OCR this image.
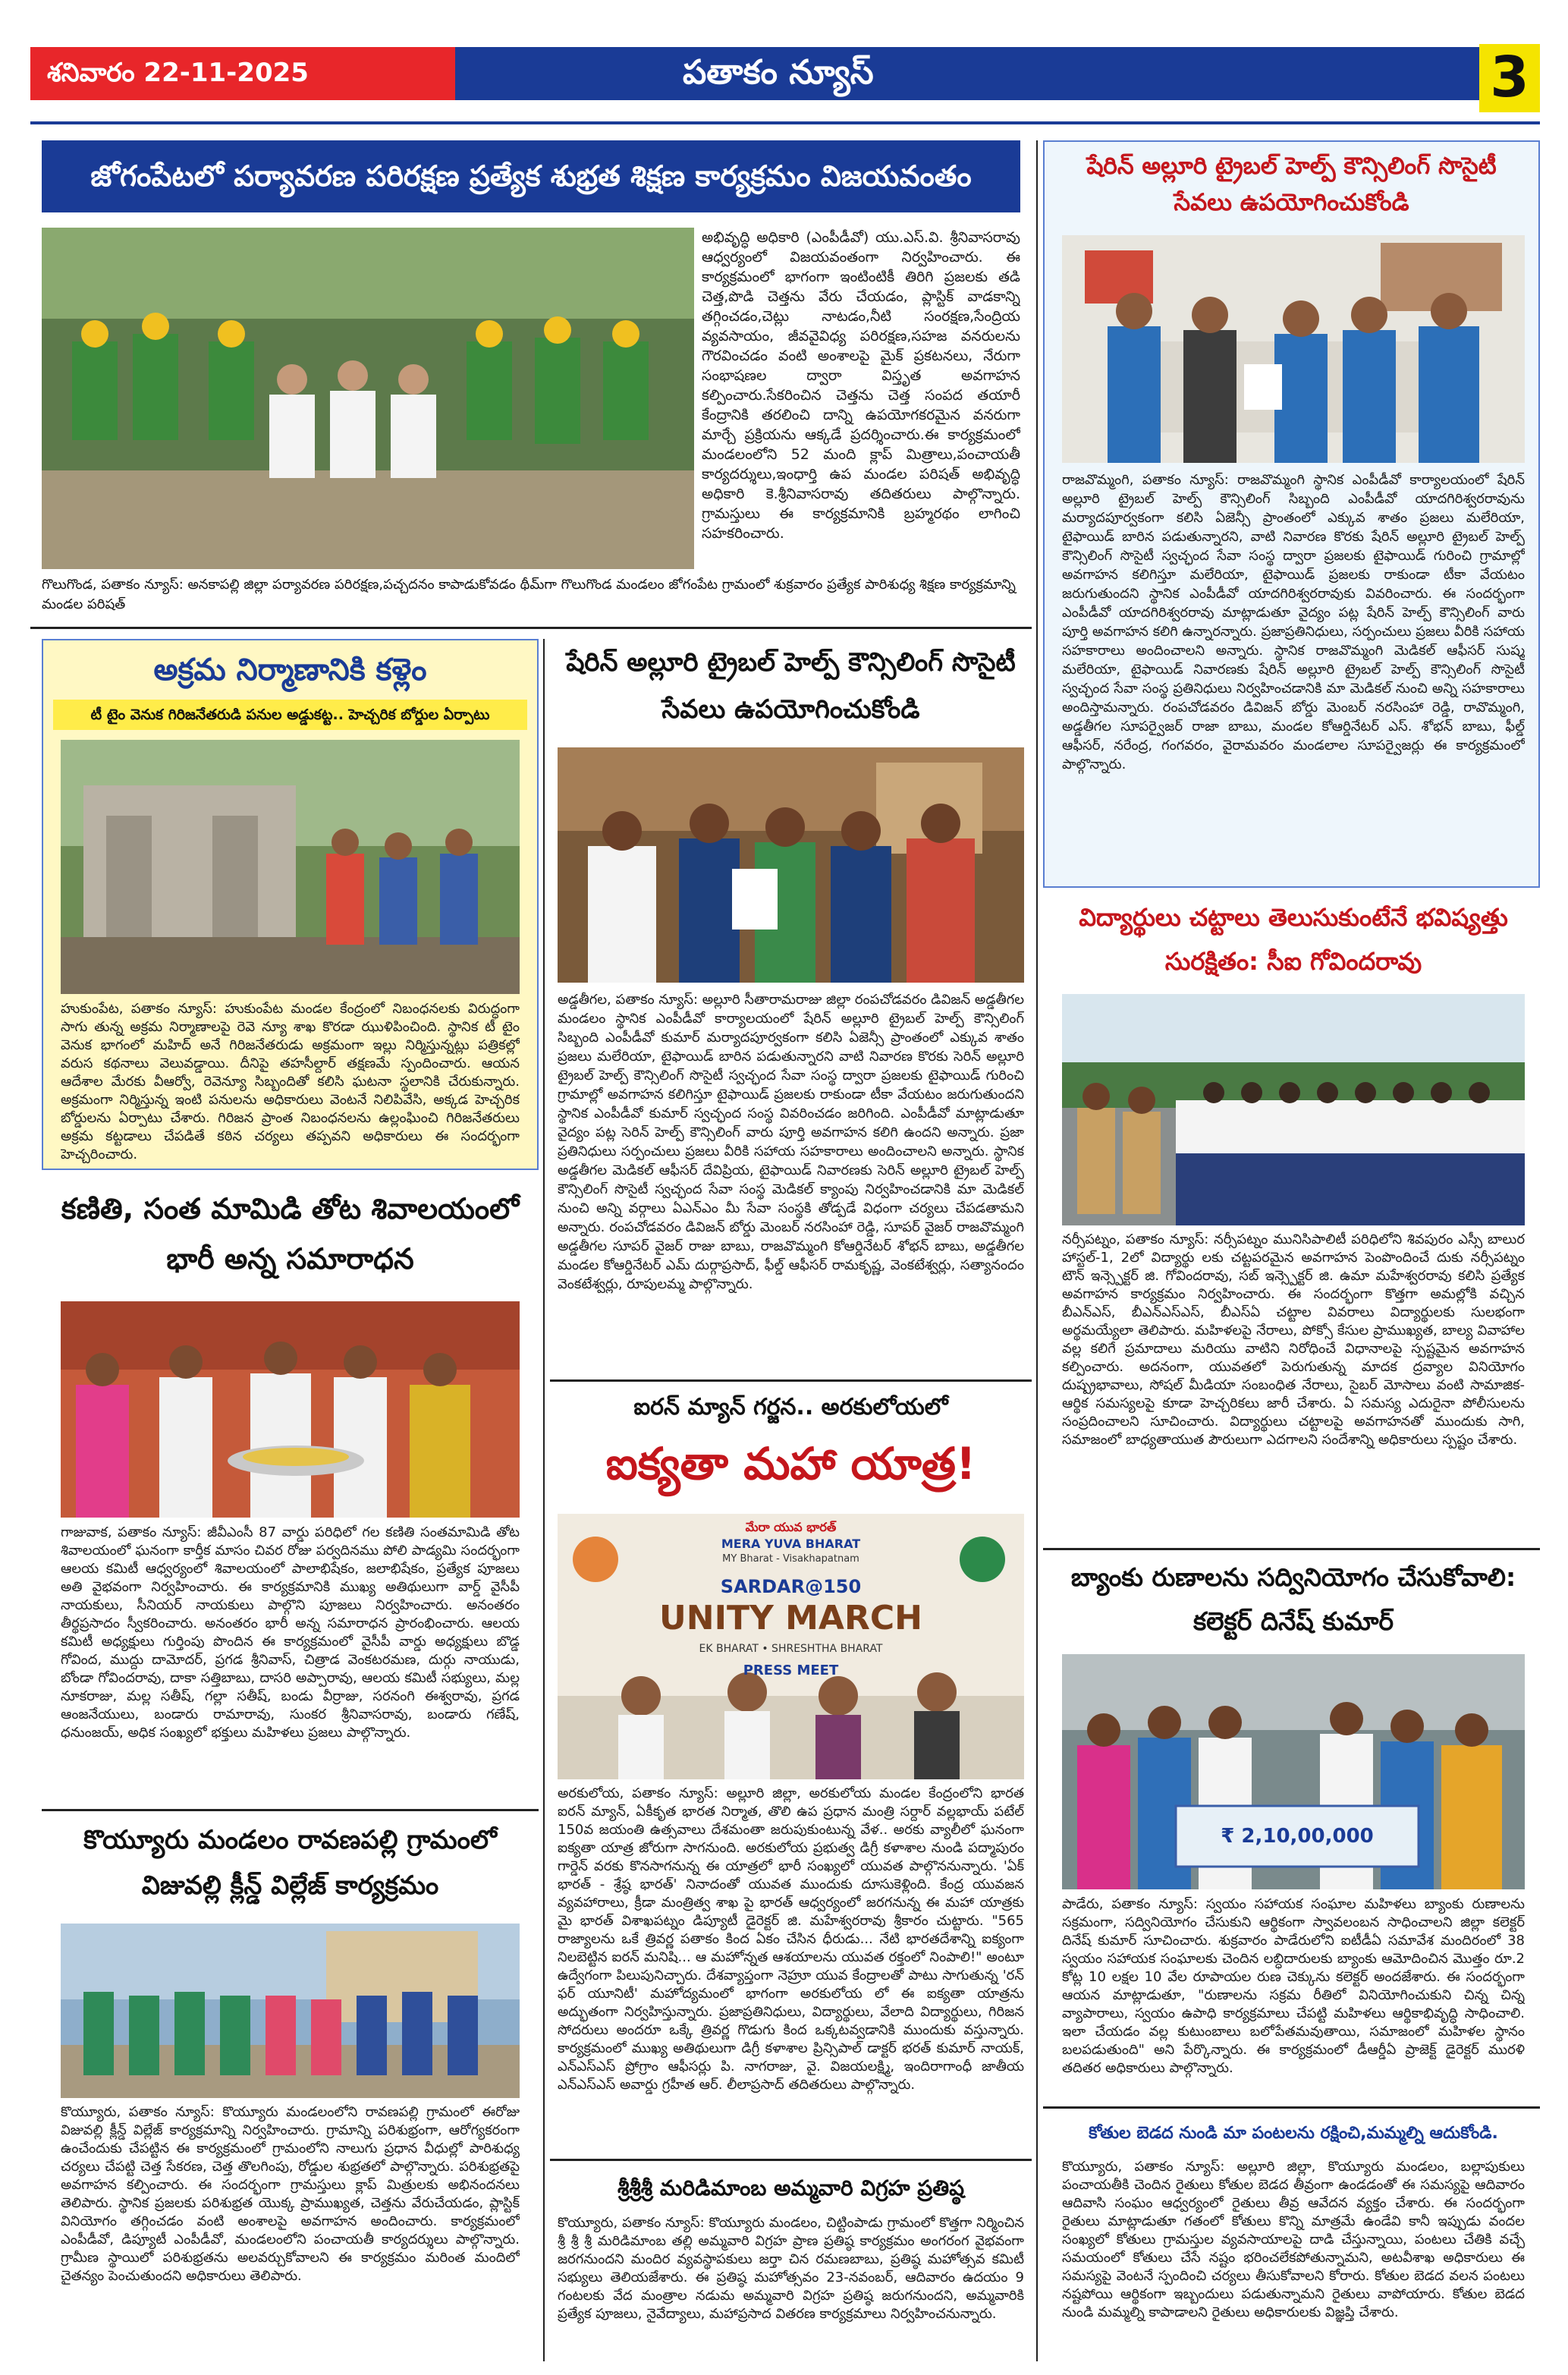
శనివారం 22-11-2025	పతాకం న్యూస్	3
జోగంపేటలో పర్యావరణ పరిరక్షణ ప్రత్యేక శుభ్రత శిక్షణ కార్యక్రమం విజయవంతం
అభివృద్ధి అధికారి (ఎంపీడీవో) యు.ఎస్.వి. శ్రీనివాసరావు ఆధ్వర్యంలో విజయవంతంగా నిర్వహించారు. ఈ కార్యక్రమంలో భాగంగా ఇంటింటికీ తిరిగి ప్రజలకు తడి చెత్త,పొడి చెత్తను వేరు చేయడం, ప్లాస్టిక్ వాడకాన్ని తగ్గించడం,చెట్లు నాటడం,నీటి సంరక్షణ,సేంద్రియ వ్యవసాయం, జీవవైవిధ్య పరిరక్షణ,సహజ వనరులను గౌరవించడం వంటి అంశాలపై మైక్ ప్రకటనలు, నేరుగా సంభాషణల ద్వారా విస్తృత అవగాహన కల్పించారు.సేకరించిన చెత్తను చెత్త సంపద తయారీ కేంద్రానికి తరలించి దాన్ని ఉపయోగకరమైన వనరుగా మార్చే ప్రక్రియను ఆక్కడే ప్రదర్శించారు.ఈ కార్యక్రమంలో మండలంలోని 52 మంది క్లాప్ మిత్రాలు,పంచాయతీ కార్యదర్శులు,ఇంధార్తి ఉప మండల పరిషత్ అభివృద్ధి అధికారి కె.శ్రీనివాసరావు తదితరులు పాల్గొన్నారు. గ్రామస్తులు ఈ కార్యక్రమానికి బ్రహ్మరథం లాగించి సహకరించారు.
గొలుగొండ, పతాకం న్యూస్: అనకాపల్లి జిల్లా పర్యావరణ పరిరక్షణ,పచ్చదనం కాపాడుకోవడం థీమ్‌గా గొలుగొండ మండలం జోగంపేట గ్రామంలో శుక్రవారం ప్రత్యేక పారిశుధ్య శిక్షణ కార్యక్రమాన్ని మండల పరిషత్
షేరిన్ అల్లూరి ట్రైబల్ హెల్ప్ కౌన్సిలింగ్ సొసైటీ సేవలు ఉపయోగించుకోండి
రాజవొమ్మంగి, పతాకం న్యూస్: రాజవొమ్మంగి స్థానిక ఎంపీడీవో కార్యాలయంలో షేరిన్ అల్లూరి ట్రైబల్ హెల్ప్ కౌన్సిలింగ్ సిబ్బంది ఎంపీడీవో యాదగిరిశ్వరరావును మర్యాదపూర్వకంగా కలిసి ఏజెన్సీ ప్రాంతంలో ఎక్కువ శాతం ప్రజలు మలేరియా, టైఫాయిడ్ బారిన పడుతున్నారని, వాటి నివారణ కొరకు షేరిన్ అల్లూరి ట్రైబల్ హెల్ప్ కౌన్సిలింగ్ సొసైటీ స్వచ్ఛంద సేవా సంస్థ ద్వారా ప్రజలకు టైఫాయిడ్ గురించి గ్రామాల్లో అవగాహన కలిగిస్తూ మలేరియా, టైఫాయిడ్ ప్రజలకు రాకుండా టీకా వేయటం జరుగుతుందని స్థానిక ఎంపీడీవో యాదగిరిశ్వరరావుకు వివరించారు. ఈ సందర్భంగా ఎంపీడీవో యాదగిరిశ్వరరావు మాట్లాడుతూ వైద్యం పట్ల షేరిన్ హెల్ప్ కౌన్సిలింగ్ వారు పూర్తి అవగాహన కలిగి ఉన్నారన్నారు. ప్రజాప్రతినిధులు, సర్పంచులు ప్రజలు వీరికి సహాయ సహకారాలు అందించాలని అన్నారు. స్థానిక రాజవొమ్మంగి మెడికల్ ఆఫీసర్ సుష్మ మలేరియా, టైఫాయిడ్ నివారణకు షేరిన్ అల్లూరి ట్రైబల్ హెల్ప్ కౌన్సిలింగ్ సొసైటీ స్వచ్ఛంద సేవా సంస్థ ప్రతినిధులు నిర్వహించడానికి మా మెడికల్ నుంచి అన్ని సహకారాలు అందిస్తామన్నారు. రంపచోడవరం డివిజన్ బోర్డు మెంబర్ నరసింహా రెడ్డి, రావొమ్మంగి, అడ్డతీగల సూపర్వైజర్ రాజా బాబు, మండల కోఆర్డినేటర్ ఎస్. శోభన్ బాబు, ఫీల్డ్ ఆఫీసర్, నరేంద్ర, గంగవరం, వైరామవరం మండలాల సూపర్వైజర్లు ఈ కార్యక్రమంలో పాల్గొన్నారు.
అక్రమ నిర్మాణానికి కళ్లెం
టీ టైం వెనుక గిరిజనేతరుడి పనుల అడ్డుకట్ట.. హెచ్చరిక బోర్డుల ఏర్పాటు
హుకుంపేట, పతాకం న్యూస్: హుకుంపేట మండల కేంద్రంలో నిబంధనలకు విరుద్ధంగా సాగు తున్న అక్రమ నిర్మాణాలపై రెవె న్యూ శాఖ కొరడా ఝుళిపించింది. స్థానిక టీ టైం వెనుక భాగంలో మహిద్ అనే గిరిజనేతరుడు అక్రమంగా ఇల్లు నిర్మిస్తున్నట్లు పత్రికల్లో వరుస కథనాలు వెలువడ్డాయి. దీనిపై తహసీల్దార్ తక్షణమే స్పందించారు. ఆయన ఆదేశాల మేరకు వీఆర్వో, రెవెన్యూ సిబ్బందితో కలిసి ఘటనా స్థలానికి చేరుకున్నారు. అక్రమంగా నిర్మిస్తున్న ఇంటి పనులను అధికారులు వెంటనే నిలిపివేసి, అక్కడ హెచ్చరిక బోర్డులను ఏర్పాటు చేశారు. గిరిజన ప్రాంత నిబంధనలను ఉల్లంఘించి గిరిజనేతరులు అక్రమ కట్టడాలు చేపడితే కఠిన చర్యలు తప్పవని అధికారులు ఈ సందర్భంగా హెచ్చరించారు.
కణితి, సంత మామిడి తోట శివాలయంలో భారీ అన్న సమారాధన
గాజువాక, పతాకం న్యూస్: జీవీఎంసీ 87 వార్డు పరిధిలో గల కణితి సంతమామిడి తోట శివాలయంలో ఘనంగా కార్తీక మాసం చివర రోజు పర్వదినము పోలి పాడ్యమి సందర్భంగా ఆలయ కమిటీ ఆధ్వర్యంలో శివాలయంలో పాలాభిషేకం, జలాభిషేకం, ప్రత్యేక పూజలు అతి వైభవంగా నిర్వహించారు. ఈ కార్యక్రమానికి ముఖ్య అతిథులుగా వార్డ్ వైసీపీ నాయకులు, సీనియర్ నాయకులు పాల్గొని పూజలు నిర్వహించారు. అనంతరం తీర్థప్రసాదం స్వీకరించారు. అనంతరం భారీ అన్న సమారాధన ప్రారంభించారు. ఆలయ కమిటీ అధ్యక్షులు గుర్తింపు పొందిన ఈ కార్యక్రమంలో వైసీపీ వార్డు అధ్యక్షులు బొడ్డ గోవింద, ముద్దు దామోదర్, ప్రగడ శ్రీనివాస్, చిత్రాడ వెంకటరమణ, దుర్గు నాయుడు, బోండా గోవిందరావు, దాకా సత్తిబాబు, దాసరి అప్పారావు, ఆలయ కమిటీ సభ్యులు, మల్ల నూకరాజు, మల్ల సతీష్, గల్లా సతీష్, బండు వీర్రాజు, సరనంగి ఈశ్వరావు, ప్రగడ ఆంజనేయులు, బండారు రామారావు, సుంకర శ్రీనివాసరావు, బండారు గణేష్, ధనుంజయ్, అధిక సంఖ్యలో భక్తులు మహిళలు ప్రజలు పాల్గొన్నారు.
కొయ్యూరు మండలం రావణపల్లి గ్రామంలో విజువల్లి క్లీన్డ్ విల్లేజ్ కార్యక్రమం
కొయ్యూరు, పతాకం న్యూస్: కొయ్యూరు మండలంలోని రావణపల్లి గ్రామంలో ఈరోజు విజువల్లి క్లీన్డ్ విల్లేజ్ కార్యక్రమాన్ని నిర్వహించారు. గ్రామాన్ని పరిశుభ్రంగా, ఆరోగ్యకరంగా ఉంచేందుకు చేపట్టిన ఈ కార్యక్రమంలో గ్రామంలోని నాలుగు ప్రధాన వీధుల్లో పారిశుధ్య చర్యలు చేపట్టి చెత్త సేకరణ, చెత్త తొలగింపు, రోడ్డుల శుభ్రతలో పాల్గొన్నారు. పరిశుభ్రతపై అవగాహన కల్పించారు. ఈ సందర్భంగా గ్రామస్తులు క్లాప్ మిత్రులకు అభినందనలు తెలిపారు. స్థానిక ప్రజలకు పరిశుభ్రత యొక్క ప్రాముఖ్యత, చెత్తను వేరుచేయడం, ప్లాస్టిక్ వినియోగం తగ్గించడం వంటి అంశాలపై అవగాహన అందించారు. కార్యక్రమంలో ఎంపీడీవో, డిప్యూటీ ఎంపీడీవో, మండలంలోని పంచాయతీ కార్యదర్శులు పాల్గొన్నారు. గ్రామీణ స్థాయిలో పరిశుభ్రతను అలవర్చుకోవాలని ఈ కార్యక్రమం మరింత మందిలో చైతన్యం పెంచుతుందని అధికారులు తెలిపారు.
షేరిన్ అల్లూరి ట్రైబల్ హెల్ప్ కౌన్సిలింగ్ సొసైటీ సేవలు ఉపయోగించుకోండి
అడ్డతీగల, పతాకం న్యూస్: అల్లూరి సీతారామరాజు జిల్లా రంపచోడవరం డివిజన్ అడ్డతీగల మండలం స్థానిక ఎంపీడీవో కార్యాలయంలో షేరిన్ అల్లూరి ట్రైబల్ హెల్ప్ కౌన్సిలింగ్ సిబ్బంది ఎంపీడీవో కుమార్ మర్యాదపూర్వకంగా కలిసి ఏజెన్సీ ప్రాంతంలో ఎక్కువ శాతం ప్రజలు మలేరియా, టైఫాయిడ్ బారిన పడుతున్నారని వాటి నివారణ కొరకు సెరిన్ అల్లూరి ట్రైబల్ హెల్ప్ కౌన్సిలింగ్ సొసైటీ స్వచ్ఛంద సేవా సంస్థ ద్వారా ప్రజలకు టైఫాయిడ్ గురించి గ్రామాల్లో అవగాహన కలిగిస్తూ టైఫాయిడ్ ప్రజలకు రాకుండా టీకా వేయటం జరుగుతుందని స్థానిక ఎంపీడీవో కుమార్ స్వచ్ఛంద సంస్థ వివరించడం జరిగింది. ఎంపీడీవో మాట్లాడుతూ వైద్యం పట్ల సెరిన్ హెల్ప్ కౌన్సిలింగ్ వారు పూర్తి అవగాహన కలిగి ఉందని అన్నారు. ప్రజా ప్రతినిధులు సర్పంచులు ప్రజలు వీరికి సహాయ సహకారాలు అందించాలని అన్నారు. స్థానిక అడ్డతీగల మెడికల్ ఆఫీసర్ దేవిప్రియ, టైఫాయిడ్ నివారణకు సెరిన్ అల్లూరి ట్రైబల్ హెల్ప్ కౌన్సిలింగ్ సొసైటీ స్వచ్ఛంద సేవా సంస్థ మెడికల్ క్యాంపు నిర్వహించడానికి మా మెడికల్ నుంచి అన్ని వర్గాలు ఏఎన్ఎం మీ సేవా సంస్థకి తోడ్పడే విధంగా చర్యలు చేపడతామని అన్నారు. రంపచోడవరం డివిజన్ బోర్డు మెంబర్ నరసింహా రెడ్డి, సూపర్ వైజర్ రాజవొమ్మంగి అడ్డతీగల సూపర్ వైజర్ రాజు బాబు, రాజవొమ్మంగి కోఆర్డినేటర్ శోభన్ బాబు, అడ్డతీగల మండల కోఆర్డినేటర్ ఎమ్ దుర్గాప్రసాద్, ఫీల్డ్ ఆఫీసర్ రామకృష్ణ, వెంకటేశ్వర్లు, సత్యానందం వెంకటేశ్వర్లు, రూపులమ్మ పాల్గొన్నారు.
ఐరన్ మ్యాన్ గర్జన.. అరకులోయలో
ఐక్యతా మహా యాత్ర!
మేరా యువ భారత్
MERA YUVA BHARAT
MY Bharat - Visakhapatnam
SARDAR@150
UNITY MARCH
EK BHARAT • SHRESHTHA BHARAT
PRESS MEET
అరకులోయ, పతాకం న్యూస్: అల్లూరి జిల్లా, అరకులోయ మండల కేంద్రంలోని భారత ఐరన్ మ్యాన్, ఏకీకృత భారత నిర్మాత, తొలి ఉప ప్రధాన మంత్రి సర్దార్ వల్లభాయ్ పటేల్ 150వ జయంతి ఉత్సవాలు దేశమంతా జరుపుకుంటున్న వేళ.. అరకు వ్యాలీలో ఘనంగా ఐక్యతా యాత్ర జోరుగా సాగనుంది. అరకులోయ ప్రభుత్వ డిగ్రీ కళాశాల నుండి పద్మాపురం గార్డెన్ వరకు కొనసాగనున్న ఈ యాత్రలో భారీ సంఖ్యలో యువత పాల్గొననున్నారు. 'ఏక్ భారత్ - శ్రేష్ఠ భారత్' నినాదంతో యువత ముందుకు దూసుకెళ్లింది. కేంద్ర యువజన వ్యవహారాలు, క్రీడా మంత్రిత్వ శాఖ పై భారత్ ఆధ్వర్యంలో జరగనున్న ఈ మహా యాత్రకు మై భారత్ విశాఖపట్నం డిప్యూటీ డైరెక్టర్ జి. మహేశ్వరరావు శ్రీకారం చుట్టారు. "565 రాజ్యాలను ఒకే త్రివర్ణ పతాకం కింద ఏకం చేసిన ధీరుడు... నేటి భారతదేశాన్ని ఐక్యంగా నిలబెట్టిన ఐరన్ మనిషి... ఆ మహోన్నత ఆశయాలను యువత రక్తంలో నింపాలి!" అంటూ ఉద్వేగంగా పిలుపునిచ్చారు. దేశవ్యాప్తంగా నెహ్రూ యువ కేంద్రాలతో పాటు సాగుతున్న 'రన్ ఫర్ యూనిటీ' మహోద్యమంలో భాగంగా అరకులోయ లో ఈ ఐక్యతా యాత్రను అద్భుతంగా నిర్వహిస్తున్నారు. ప్రజాప్రతినిధులు, విద్యార్థులు, వేలాది విద్యార్థులు, గిరిజన సోదరులు అందరూ ఒక్కే త్రివర్ణ గొడుగు కింద ఒక్కటవ్వడానికి ముందుకు వస్తున్నారు. కార్యక్రమంలో ముఖ్య అతిథులుగా డిగ్రీ కళాశాల ప్రిన్సిపాల్ డాక్టర్ భరత్ కుమార్ నాయక్, ఎన్ఎస్ఎస్ ప్రోగ్రాం ఆఫీసర్లు పి. నాగరాజు, వై. విజయలక్ష్మి, ఇందిరాగాంధీ జాతీయ ఎన్ఎస్ఎస్ అవార్డు గ్రహీత ఆర్. లీలాప్రసాద్ తదితరులు పాల్గొన్నారు.
శ్రీశ్రీశ్రీ మరిడిమాంబ అమ్మవారి విగ్రహ ప్రతిష్ఠ
కొయ్యూరు, పతాకం న్యూస్: కొయ్యూరు మండలం, చిట్టింపాడు గ్రామంలో కొత్తగా నిర్మించిన శ్రీ శ్రీ శ్రీ మరిడిమాంబ తల్లి అమ్మవారి విగ్రహ ప్రాణ ప్రతిష్ఠ కార్యక్రమం అంగరంగ వైభవంగా జరగనుందని మందిర వ్యవస్థాపకులు జర్తా చిన రమణబాబు, ప్రతిష్ఠ మహోత్సవ కమిటీ సభ్యులు తెలియజేశారు. ఈ ప్రతిష్ఠ మహోత్సవం 23-నవంబర్, ఆదివారం ఉదయం 9 గంటలకు వేద మంత్రాల నడుమ అమ్మవారి విగ్రహ ప్రతిష్ఠ జరుగనుందని, అమ్మవారికి ప్రత్యేక పూజలు, నైవేద్యాలు, మహాప్రసాద వితరణ కార్యక్రమాలు నిర్వహించనున్నారు.
విద్యార్థులు చట్టాలు తెలుసుకుంటేనే భవిష్యత్తు సురక్షితం: సీఐ గోవిందరావు
నర్సీపట్నం, పతాకం న్యూస్: నర్సీపట్నం మునిసిపాలిటీ పరిధిలోని శివపురం ఎస్సీ బాలుర హాస్టల్-1, 2లో విద్యార్థు లకు చట్టపరమైన అవగాహన పెంపొందించే దుకు నర్సీపట్నం టౌన్ ఇన్స్పెక్టర్ జి. గోవిందరావు, సబ్ ఇన్స్పెక్టర్ జి. ఉమా మహేశ్వరరావు కలిసి ప్రత్యేక అవగాహన కార్యక్రమం నిర్వహించారు. ఈ సందర్భంగా కొత్తగా అమల్లోకి వచ్చిన బీఎన్ఎస్, బీఎన్ఎస్ఎస్, బీఎస్ఏ చట్టాల వివరాలు విద్యార్థులకు సులభంగా అర్థమయ్యేలా తెలిపారు. మహిళలపై నేరాలు, పోక్సో కేసుల ప్రాముఖ్యత, బాల్య వివాహాల వల్ల కలిగే ప్రమాదాలు మరియు వాటిని నిరోధించే విధానాలపై స్పష్టమైన అవగాహన కల్పించారు. అదనంగా, యువతలో పెరుగుతున్న మాదక ద్రవ్యాల వినియోగం దుష్ప్రభావాలు, సోషల్ మీడియా సంబంధిత నేరాలు, సైబర్ మోసాలు వంటి సామాజిక-ఆర్థిక సమస్యలపై కూడా హెచ్చరికలు జారీ చేశారు. ఏ సమస్య ఎదురైనా పోలీసులను సంప్రదించాలని సూచించారు. విద్యార్థులు చట్టాలపై అవగాహనతో ముందుకు సాగి, సమాజంలో బాధ్యతాయుత పౌరులుగా ఎదగాలని సందేశాన్ని అధికారులు స్పష్టం చేశారు.
బ్యాంకు రుణాలను సద్వినియోగం చేసుకోవాలి: కలెక్టర్ దినేష్ కుమార్
₹ 2,10,00,000
పాడేరు, పతాకం న్యూస్: స్వయం సహాయక సంఘాల మహిళలు బ్యాంకు రుణాలను సక్రమంగా, సద్వినియోగం చేసుకుని ఆర్థికంగా స్వావలంబన సాధించాలని జిల్లా కలెక్టర్ దినేష్ కుమార్ సూచించారు. శుక్రవారం పాడేరులోని ఐటీడీఏ సమావేశ మందిరంలో 38 స్వయం సహాయక సంఘాలకు చెందిన లబ్ధిదారులకు బ్యాంకు ఆమోదించిన మొత్తం రూ.2 కోట్ల 10 లక్షల 10 వేల రూపాయల రుణ చెక్కును కలెక్టర్ అందజేశారు. ఈ సందర్భంగా ఆయన మాట్లాడుతూ, "రుణాలను సక్రమ రీతిలో వినియోగించుకుని చిన్న చిన్న వ్యాపారాలు, స్వయం ఉపాధి కార్యక్రమాలు చేపట్టి మహిళలు ఆర్థికాభివృద్ధి సాధించాలి. ఇలా చేయడం వల్ల కుటుంబాలు బలోపేతమవుతాయి, సమాజంలో మహిళల స్థానం బలపడుతుంది" అని పేర్కొన్నారు. ఈ కార్యక్రమంలో డీఆర్డీఏ ప్రాజెక్ట్ డైరెక్టర్ మురళి తదితర అధికారులు పాల్గొన్నారు.
కోతుల బెడద నుండి మా పంటలను రక్షించి,మమ్మల్ని ఆదుకోండి.
కొయ్యూరు, పతాకం న్యూస్: అల్లూరి జిల్లా, కొయ్యూరు మండలం, బల్లాపుకులు పంచాయతీకి చెందిన రైతులు కోతుల బెడద తీవ్రంగా ఉండడంతో ఈ సమస్యపై ఆదివారం ఆదివాసి సంఘం ఆధ్వర్యంలో రైతులు తీవ్ర ఆవేదన వ్యక్తం చేశారు. ఈ సందర్భంగా రైతులు మాట్లాడుతూ గతంలో కోతులు కొన్ని మాత్రమే ఉండేవి కానీ ఇప్పుడు వందల సంఖ్యలో కోతులు గ్రామస్తుల వ్యవసాయాలపై దాడి చేస్తున్నాయి, పంటలు చేతికి వచ్చే సమయంలో కోతులు చేసే నష్టం భరించలేకపోతున్నామని, అటవీశాఖ అధికారులు ఈ సమస్యపై వెంటనే స్పందించి చర్యలు తీసుకోవాలని కోరారు. కోతుల బెడద వలన పంటలు నష్టపోయి ఆర్థికంగా ఇబ్బందులు పడుతున్నామని రైతులు వాపోయారు. కోతుల బెడద నుండి మమ్మల్ని కాపాడాలని రైతులు అధికారులకు విజ్ఞప్తి చేశారు.
